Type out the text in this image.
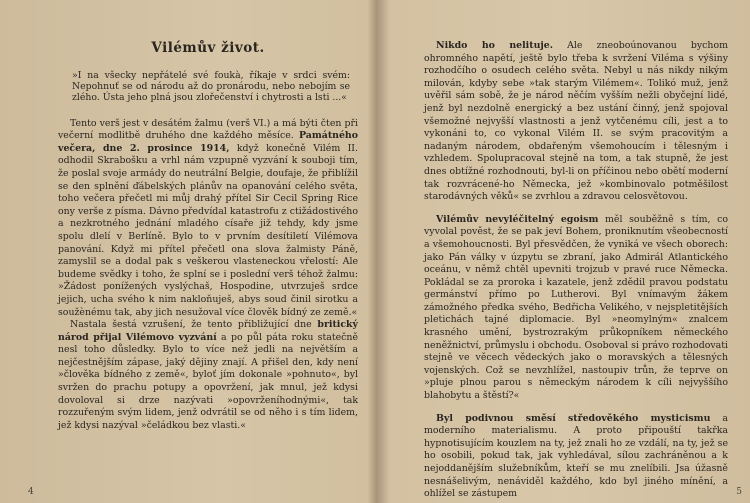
Vilémův život.
»I na všecky nepřátelé své foukà, říkaje v srdci svém: Nepohnuť se od národu až do pronárodu, nebo nebojím se zlého. Ústa jeho plná jsou zlořečenství i chytrosti a lsti ...«

Tento verš jest v desátém žalmu (verš VI.) a má býti čten při večerní modlitbě druhého dne každého měsíce. Památného večera, dne 2. prosince 1914, když konečně Vilém II. odhodil Skrabošku a vrhl nám vzpupně vyzvání k souboji tím, že poslal svoje armády do neutrální Belgie, doufaje, že přiblížil se den splnění ďábelských plánův na opanování celého světa, toho večera přečetl mi můj drahý přítel Sir Cecil Spring Rice ony verše z písma. Dávno předvídal katastrofu z ctižádostivého a nezkrotného jednání mladého císaře již tehdy, kdy jsme spolu dlelí v Berlíně. Bylo to v prvním desítiletí Vilémova panování. Když mi přítel přečetl ona slova žalmisty Páně, zamyslil se a dodal pak s veškerou vlasteneckou vřelostí: Ale budeme svědky i toho, že splní se i poslední verš téhož žalmu: »Žádost ponížených vyslýchaš, Hospodine, utvrzuješ srdce jejich, ucha svého k nim nakloňuješ, abys soud činil sirotku a soužènému tak, aby jich nesužoval více člověk bídný ze země.«

Nastala šestá vzrušení, že tento přibližující dne britický národ přijal Vilémovo vyzvání a po půl páta roku statečně nesl toho důsledky. Bylo to více než jedli na největším a nejčestnějším zápase, jaký dějiny znají. A přišel den, kdy není »člověka bídného z země«, byloť jím dokonale »pohnuto«, byl svržen do prachu potupy a opovržení, jak mnul, jež kdysi dovoloval si drze nazývati »opovrženíhodnými«, tak rozzuřeným svým lidem, jenž odvrátil se od něho i s tím lidem, jež kdysi nazýval »čeládkou bez vlasti.«

4

Nikdo ho nelituje. Ale zneoboúnovanou bychom ohromného napětí, ještě bylo třeba k svržení Viléma s výšiny rozhodčího o osudech celého světa. Nebyl u nás nikdy nikým milován, kdyby sebe »tak starým Vilémem«. Tolikó muž, jenž uvěřil sám sobě, že je národ něčím vyšším nežli obyčejní lidé, jenž byl nezdolně energický a bez ustání činný, jenž spojoval všemožné nejvyšší vlastnosti a jenž vytčenému cíli, jest a to vykonáni to, co vykonal Vilém II. se svým pracovitým a nadaným národem, obdařeným všemohoucím i tělesným i vzhledem. Spolupracoval stejně na tom, a tak stupně, že jest dnes obtížné rozhodnouti, byl-li on příčinou nebo obětí moderní tak rozvrácené-ho Německa, jež »kombinovalo potměšilost starodávných věků« se zvrhlou a zdravou celosvětovou.

Vilémův nevyléčitelný egoism měl souběžně s tím, co vyvolal pověst, že se pak jeví Bohem, proniknutím všeobecností a všemohoucnosti. Byl přesvědčen, že vyniká ve všech oborech: jako Pán války v úzpytu se zbraní, jako Admirál Atlantického oceánu, v němž chtěl upevniti trojzub v pravé ruce Německa. Pokládal se za proroka i kazatele, jenž zdědil pravou podstatu germánství přímo po Lutherovi. Byl vnímavým žákem zámožného předka svého, Bedřicha Velikého, v nejspletitějších pletichách tajné diplomacie. Byl »neomylným« znalcem krasného umění, bystrozrakým průkopníkem německého neněžnictví, průmyslu i obchodu. Osoboval si právo rozhodovati stejně ve věcech vědeckých jako o moravských a tělesných vojenských. Což se nevzhlížel, nastoupiv trůn, že teprve on »pluje plnou parou s německým národem k cíli nejvyššího blahobytu a štěstí?«

Byl podivnou směsí středověkého mysticismu a moderního materialismu. A proto připouští takřka hypnotisujícím kouzlem na ty, jež znali ho ze vzdálí, na ty, jež se ho osobili, pokud tak, jak vyhledával, sílou zachráněnou a k nejoddanějším služebníkům, kteří se mu znelíbili. Jsa úžasně nesnášelivým, nenáviděl každého, kdo byl jiného mínění, a ohlížel se zástupem	5
